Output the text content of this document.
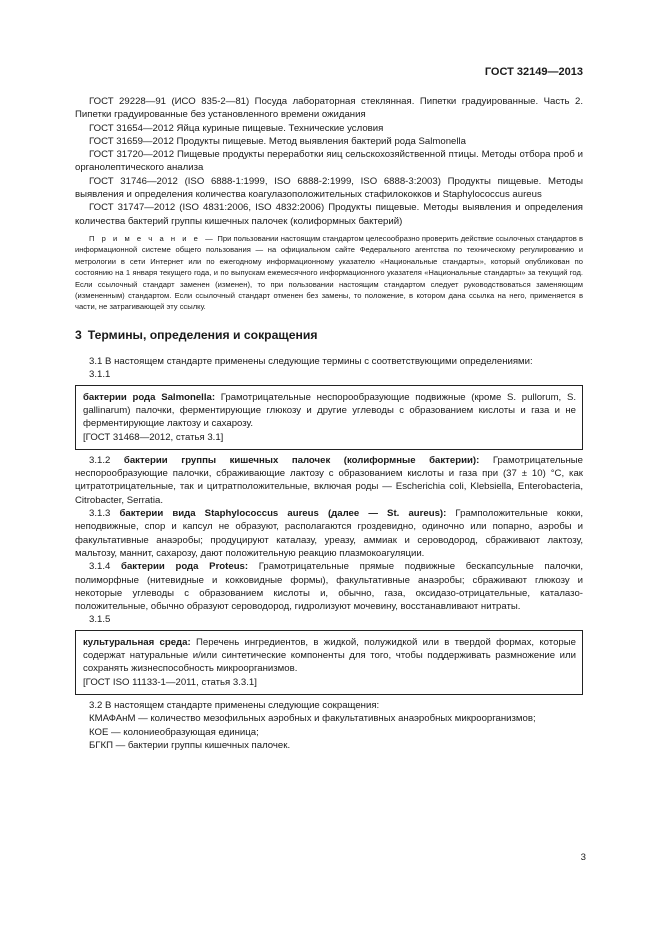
ГОСТ 32149—2013

ГОСТ 29228—91 (ИСО 835-2—81) Посуда лабораторная стеклянная. Пипетки градуированные. Часть 2. Пипетки градуированные без установленного времени ожидания

ГОСТ 31654—2012 Яйца куриные пищевые. Технические условия

ГОСТ 31659—2012 Продукты пищевые. Метод выявления бактерий рода Salmonella

ГОСТ 31720—2012 Пищевые продукты переработки яиц сельскохозяйственной птицы. Методы отбора проб и органолептического анализа

ГОСТ 31746—2012 (ISO 6888-1:1999, ISO 6888-2:1999, ISO 6888-3:2003) Продукты пищевые. Методы выявления и определения количества коагулазоположительных стафилококков и Staphylococcus aureus

ГОСТ 31747—2012 (ISO 4831:2006, ISO 4832:2006) Продукты пищевые. Методы выявления и определения количества бактерий группы кишечных палочек (колиформных бактерий)

П р и м е ч а н и е — При пользовании настоящим стандартом целесообразно проверить действие ссылочных стандартов в информационной системе общего пользования — на официальном сайте Федерального агентства по техническому регулированию и метрологии в сети Интернет или по ежегодному информационному указателю «Национальные стандарты», который опубликован по состоянию на 1 января текущего года, и по выпускам ежемесячного информационного указателя «Национальные стандарты» за текущий год. Если ссылочный стандарт заменен (изменен), то при пользовании настоящим стандартом следует руководствоваться заменяющим (измененным) стандартом. Если ссылочный стандарт отменен без замены, то положение, в котором дана ссылка на него, применяется в части, не затрагивающей эту ссылку.

3 Термины, определения и сокращения

3.1 В настоящем стандарте применены следующие термины с соответствующими определениями:

3.1.1

бактерии рода Salmonella: Грамотрицательные неспорообразующие подвижные (кроме S. pullorum, S. gallinarum) палочки, ферментирующие глюкозу и другие углеводы с образованием кислоты и газа и не ферментирующие лактозу и сахарозу.

[ГОСТ 31468—2012, статья 3.1]

3.1.2 бактерии группы кишечных палочек (колиформные бактерии): Грамотрицательные неспорообразующие палочки, сбраживающие лактозу с образованием кислоты и газа при (37 ± 10) °С, как цитратотрицательные, так и цитратположительные, включая роды — Escherichia coli, Klebsiella, Enterobacteria, Citrobacter, Serratia.

3.1.3 бактерии вида Staphylococcus aureus (далее — St. aureus): Грамположительные кокки, неподвижные, спор и капсул не образуют, располагаются гроздевидно, одиночно или попарно, аэробы и факультативные анаэробы; продуцируют каталазу, уреазу, аммиак и сероводород, сбраживают лактозу, мальтозу, маннит, сахарозу, дают положительную реакцию плазмокоагуляции.

3.1.4 бактерии рода Proteus: Грамотрицательные прямые подвижные бескапсульные палочки, полиморфные (нитевидные и кокковидные формы), факультативные анаэробы; сбраживают глюкозу и некоторые углеводы с образованием кислоты и, обычно, газа, оксидазо-отрицательные, каталазо-положительные, обычно образуют сероводород, гидролизуют мочевину, восстанавливают нитраты.

3.1.5

культуральная среда: Перечень ингредиентов, в жидкой, полужидкой или в твердой формах, которые содержат натуральные и/или синтетические компоненты для того, чтобы поддерживать размножение или сохранять жизнеспособность микроорганизмов.

[ГОСТ ISO 11133-1—2011, статья 3.3.1]

3.2 В настоящем стандарте применены следующие сокращения:

КМАФАнМ — количество мезофильных аэробных и факультативных анаэробных микроорганизмов;

КОЕ — колониеобразующая единица;

БГКП — бактерии группы кишечных палочек.

3
